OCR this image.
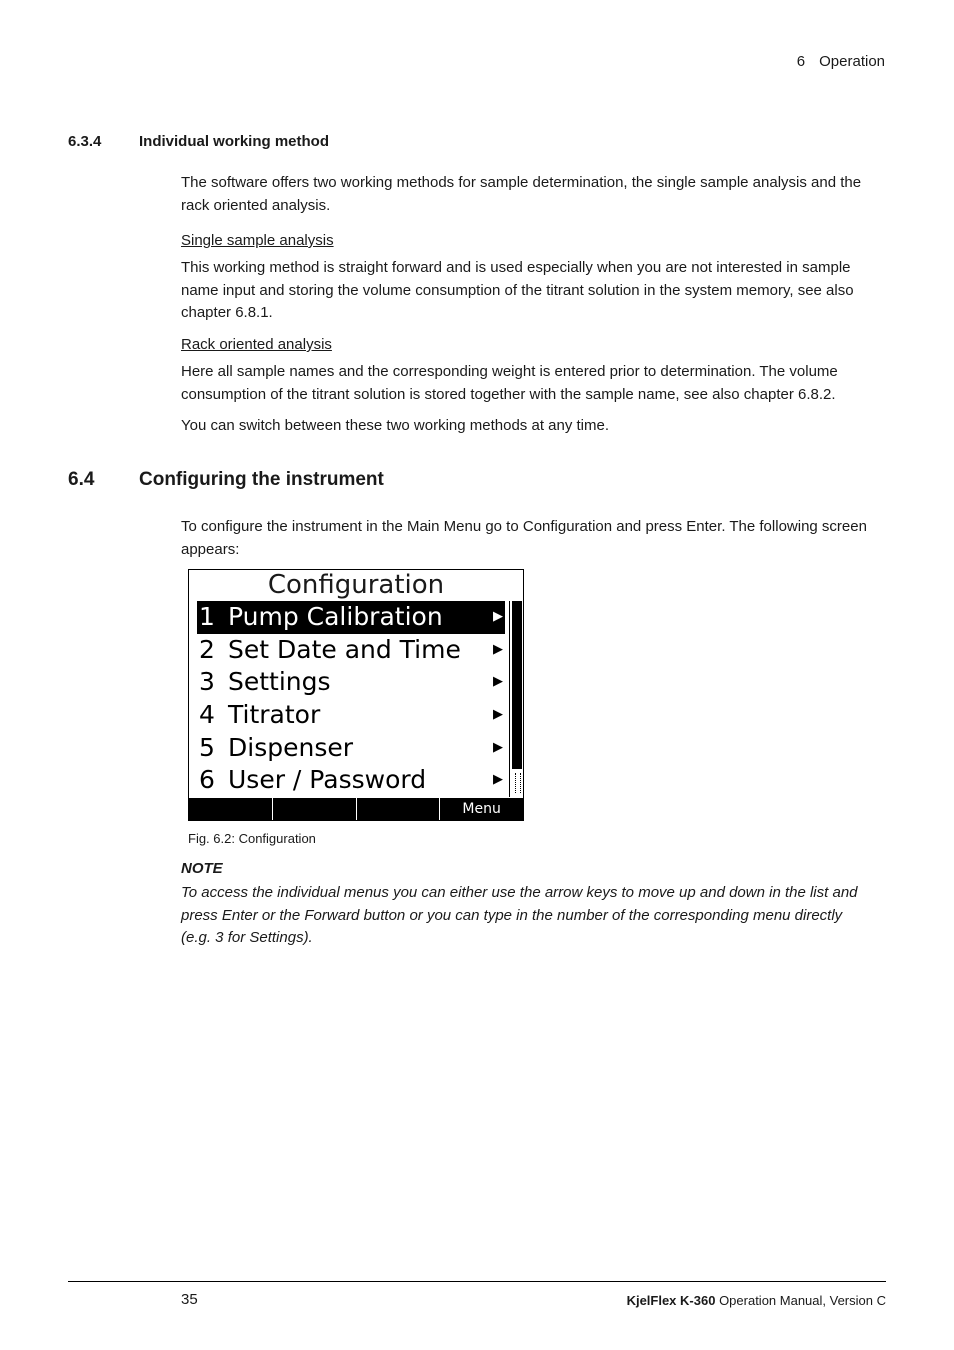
6 Operation
6.3.4	Individual working method
The software offers two working methods for sample determination, the single sample analysis and the rack oriented analysis.
Single sample analysis
This working method is straight forward and is used especially when you are not interested in sample name input and storing the volume consumption of the titrant solution in the system memory, see also chapter 6.8.1.
Rack oriented analysis
Here all sample names and the corresponding weight is entered prior to determination. The volume consumption of the titrant solution is stored together with the sample name, see also chapter 6.8.2.
You can switch between these two working methods at any time.
6.4 Configuring the instrument
To configure the instrument in the Main Menu go to Configuration and press Enter. The following screen appears:
Configuration
1 Pump Calibration	▶
2 Set Date and Time ▶
3 Settings	▶
4 Titrator	▶
5 Dispenser	▶
6 User / Password	▶
Menu
Fig. 6.2: Configuration
NOTE
To access the individual menus you can either use the arrow keys to move up and down in the list and press Enter or the Forward button or you can type in the number of the corresponding menu directly (e.g. 3 for Settings).
35	KjelFlex K-360 Operation Manual, Version C
